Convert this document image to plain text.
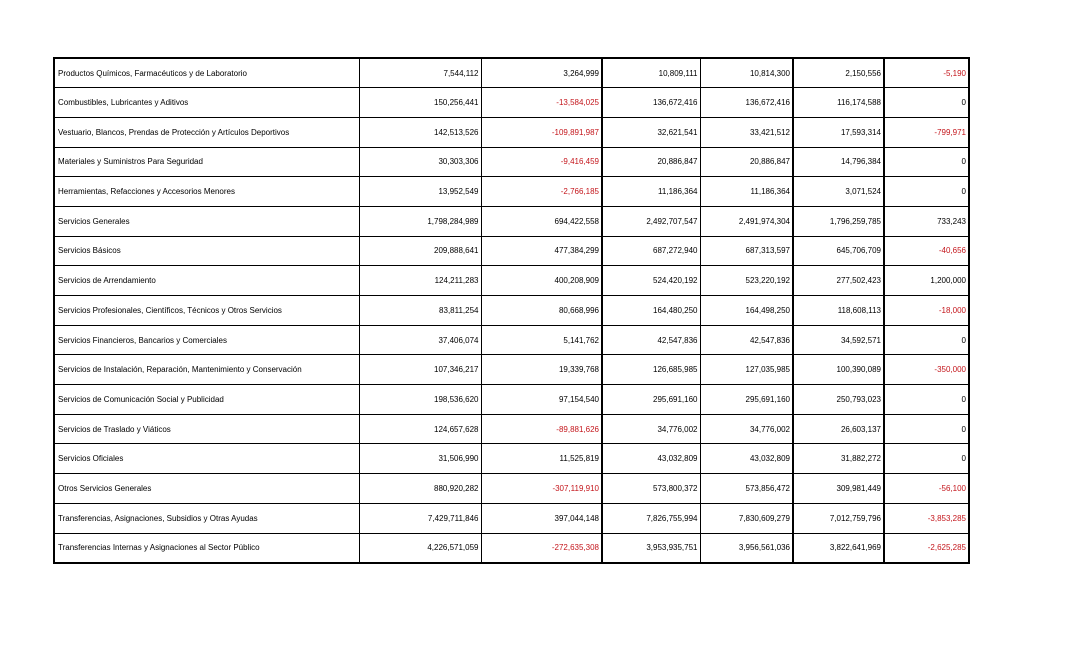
Productos Químicos, Farmacéuticos y de Laboratorio	7,544,112	3,264,999	10,809,111	10,814,300	2,150,556	-5,190
Combustibles, Lubricantes y Aditivos	150,256,441	-13,584,025	136,672,416	136,672,416	116,174,588	0
Vestuario, Blancos, Prendas de Protección y Artículos Deportivos	142,513,526	-109,891,987	32,621,541	33,421,512	17,593,314	-799,971
Materiales y Suministros Para Seguridad	30,303,306	-9,416,459	20,886,847	20,886,847	14,796,384	0
Herramientas, Refacciones y Accesorios Menores	13,952,549	-2,766,185	11,186,364	11,186,364	3,071,524	0
Servicios Generales	1,798,284,989	694,422,558	2,492,707,547	2,491,974,304	1,796,259,785	733,243
Servicios Básicos	209,888,641	477,384,299	687,272,940	687,313,597	645,706,709	-40,656
Servicios de Arrendamiento	124,211,283	400,208,909	524,420,192	523,220,192	277,502,423	1,200,000
Servicios Profesionales, Científicos, Técnicos y Otros Servicios	83,811,254	80,668,996	164,480,250	164,498,250	118,608,113	-18,000
Servicios Financieros, Bancarios y Comerciales	37,406,074	5,141,762	42,547,836	42,547,836	34,592,571	0
Servicios de Instalación, Reparación, Mantenimiento y Conservación	107,346,217	19,339,768	126,685,985	127,035,985	100,390,089	-350,000
Servicios de Comunicación Social y Publicidad	198,536,620	97,154,540	295,691,160	295,691,160	250,793,023	0
Servicios de Traslado y Viáticos	124,657,628	-89,881,626	34,776,002	34,776,002	26,603,137	0
Servicios Oficiales	31,506,990	11,525,819	43,032,809	43,032,809	31,882,272	0
Otros Servicios Generales	880,920,282	-307,119,910	573,800,372	573,856,472	309,981,449	-56,100
Transferencias, Asignaciones, Subsidios y Otras Ayudas	7,429,711,846	397,044,148	7,826,755,994	7,830,609,279	7,012,759,796	-3,853,285
Transferencias Internas y Asignaciones al Sector Público	4,226,571,059	-272,635,308	3,953,935,751	3,956,561,036	3,822,641,969	-2,625,285
